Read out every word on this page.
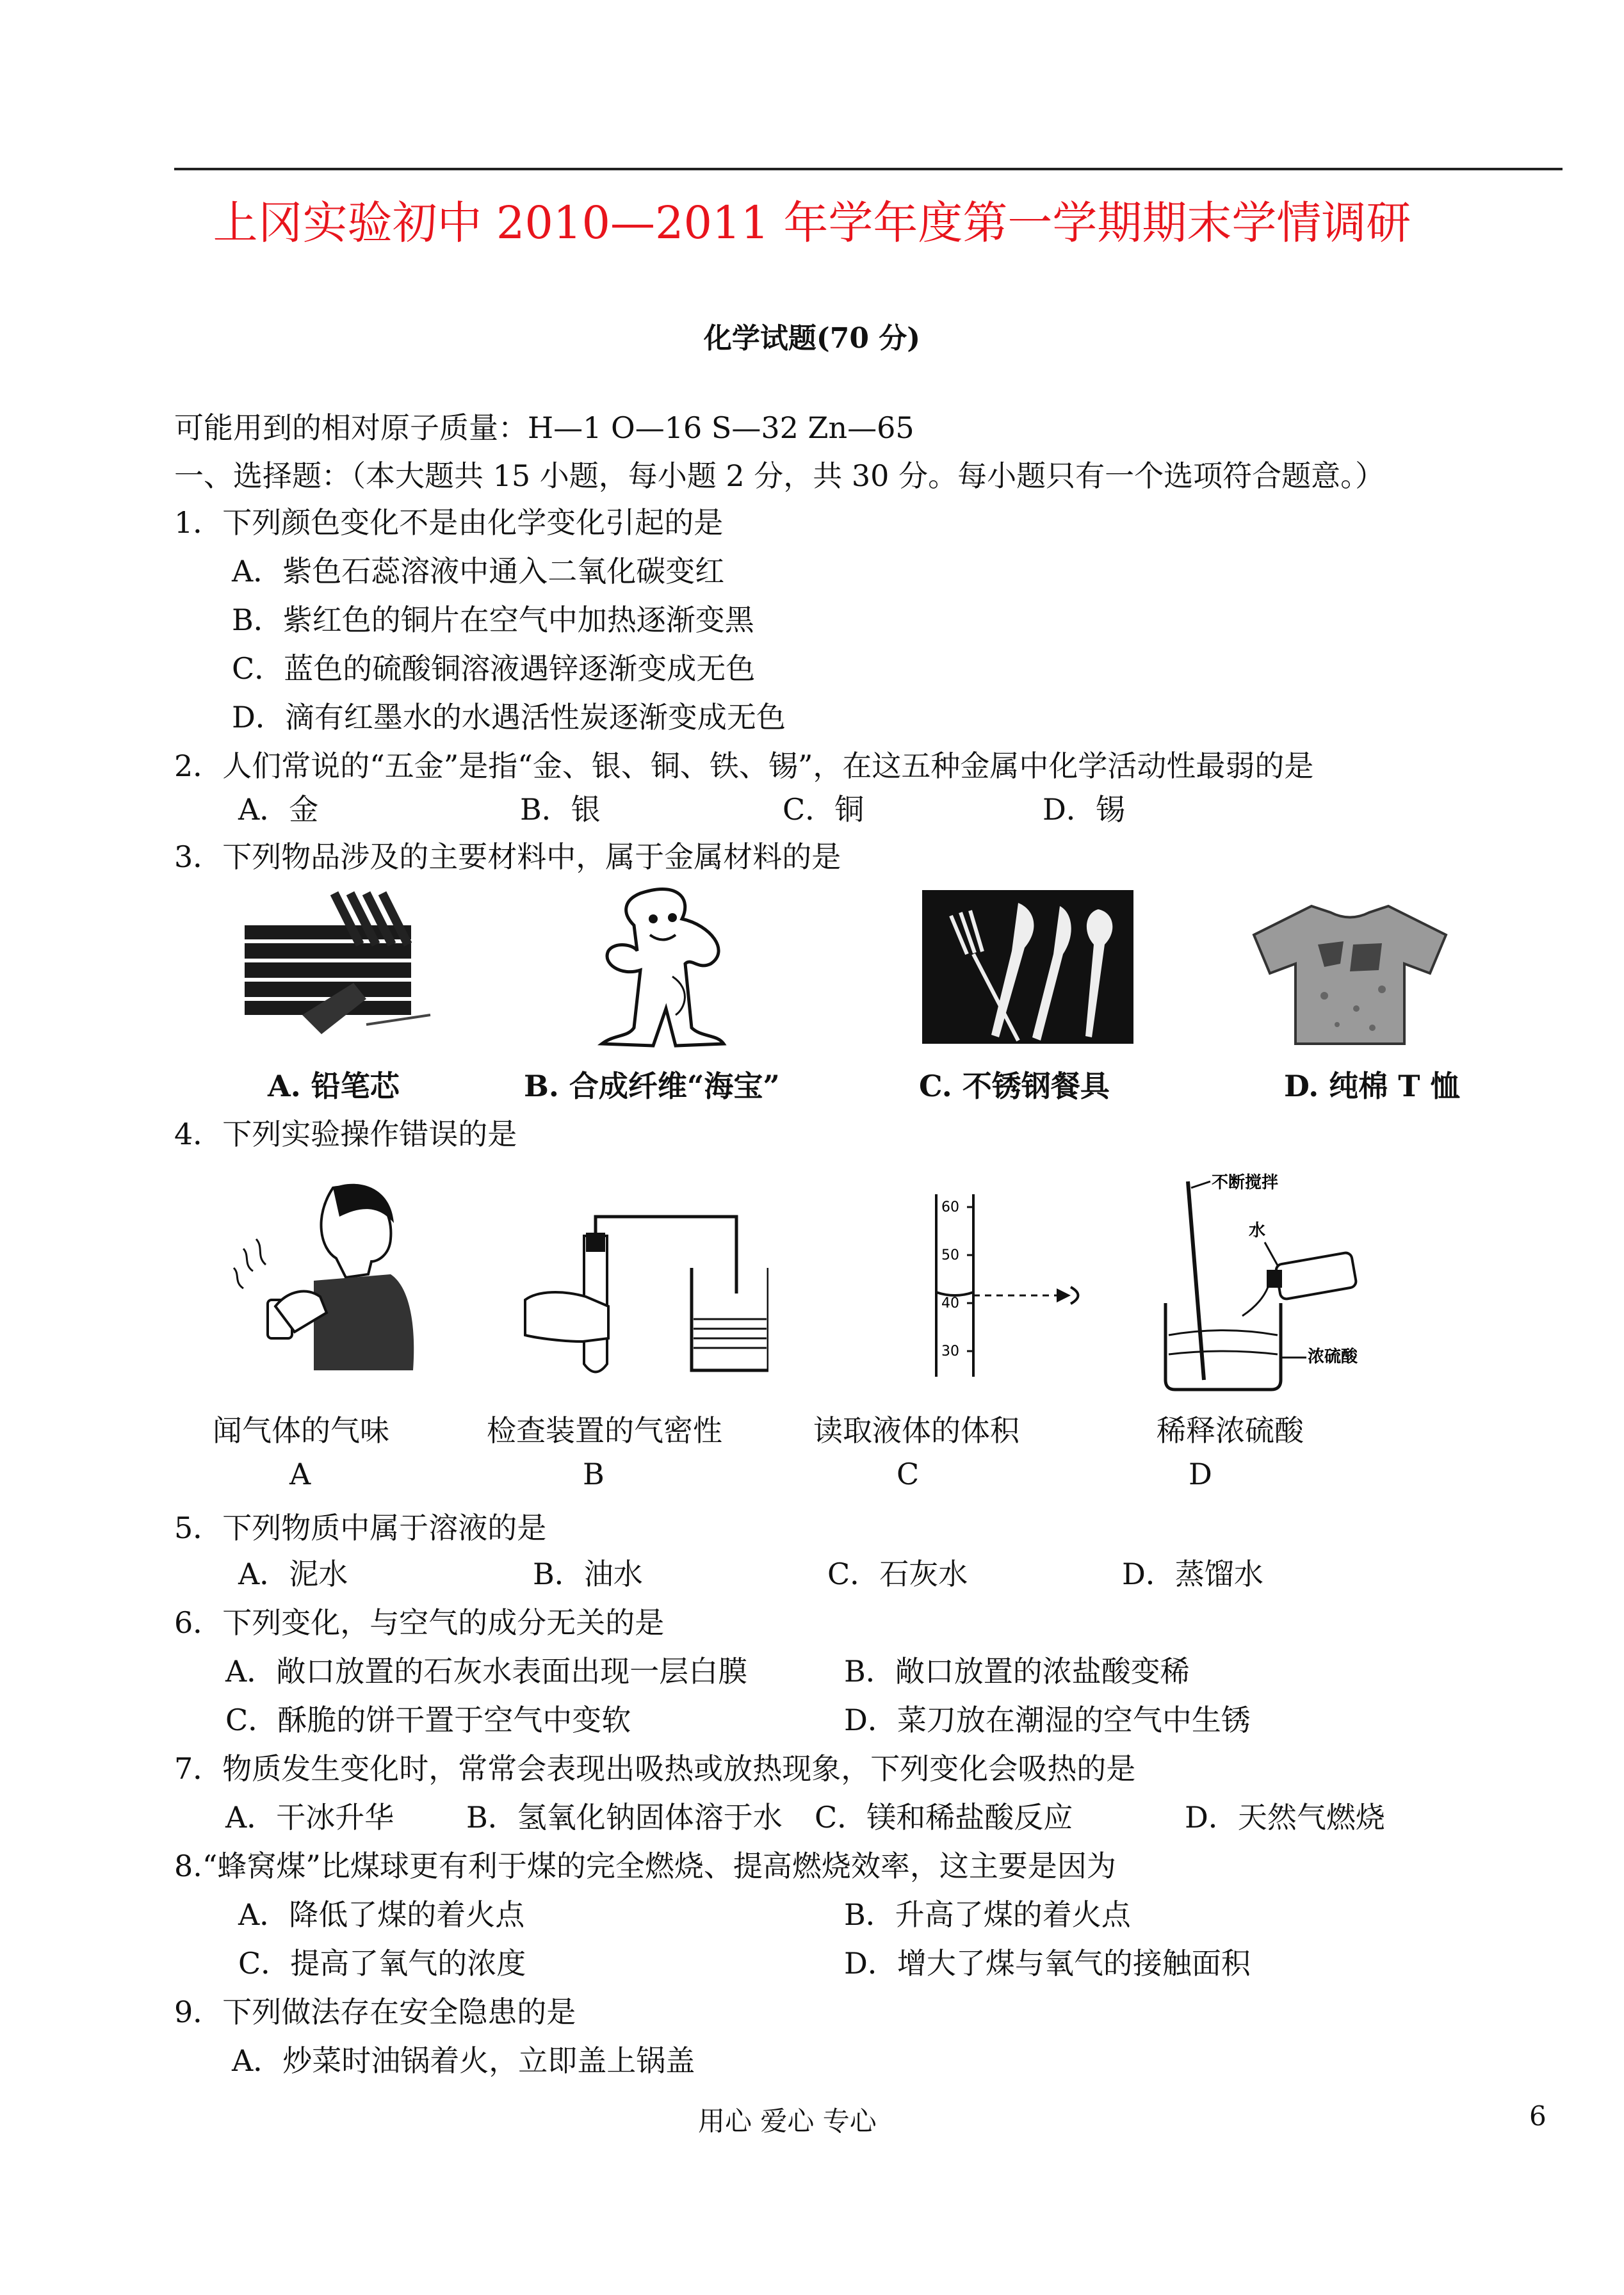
上冈实验初中 2010—2011 年学年度第一学期期末学情调研
化学试题(70 分)
可能用到的相对原子质量：H—1 O—16 S—32 Zn—65
一、选择题：（本大题共 15 小题，每小题 2 分，共 30 分。每小题只有一个选项符合题意。）
1．下列颜色变化不是由化学变化引起的是
A．紫色石蕊溶液中通入二氧化碳变红
B．紫红色的铜片在空气中加热逐渐变黑
C．蓝色的硫酸铜溶液遇锌逐渐变成无色
D．滴有红墨水的水遇活性炭逐渐变成无色
2．人们常说的“五金”是指“金、银、铜、铁、锡”，在这五种金属中化学活动性最弱的是
A．金	B．银	C．铜	D．锡
3．下列物品涉及的主要材料中，属于金属材料的是
A. 铅笔芯	B. 合成纤维“海宝”	C. 不锈钢餐具	D. 纯棉 T 恤
4．下列实验操作错误的是
闻气体的气味
A
检查装置的气密性
B
60
50
40
30
读取液体的体积
C
不断搅拌
水
浓硫酸
稀释浓硫酸
D
5．下列物质中属于溶液的是
A．泥水	B．油水	C．石灰水	D．蒸馏水
6．下列变化，与空气的成分无关的是
A．敞口放置的石灰水表面出现一层白膜	B．敞口放置的浓盐酸变稀
C．酥脆的饼干置于空气中变软	D．菜刀放在潮湿的空气中生锈
7．物质发生变化时，常常会表现出吸热或放热现象，下列变化会吸热的是
A．干冰升华 B．氢氧化钠固体溶于水 C．镁和稀盐酸反应	D．天然气燃烧
8.“蜂窝煤”比煤球更有利于煤的完全燃烧、提高燃烧效率，这主要是因为
A．降低了煤的着火点	B．升高了煤的着火点
C．提高了氧气的浓度	D．增大了煤与氧气的接触面积
9．下列做法存在安全隐患的是
A．炒菜时油锅着火，立即盖上锅盖
用心 爱心 专心	6
